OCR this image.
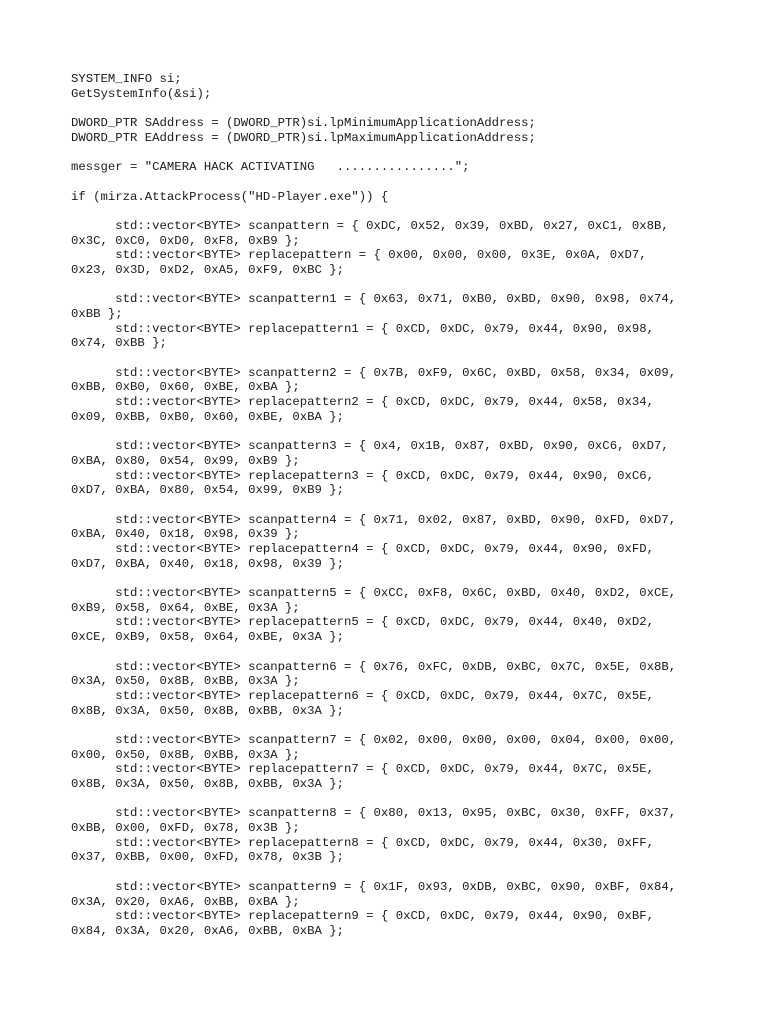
SYSTEM_INFO si;
GetSystemInfo(&si);
DWORD_PTR SAddress = (DWORD_PTR)si.lpMinimumApplicationAddress;
DWORD_PTR EAddress = (DWORD_PTR)si.lpMaximumApplicationAddress;
messger = "CAMERA HACK ACTIVATING   ................";
if (mirza.AttackProcess("HD-Player.exe")) {
std::vector<BYTE> scanpattern = { 0xDC, 0x52, 0x39, 0xBD, 0x27, 0xC1, 0x8B,
0x3C, 0xC0, 0xD0, 0xF8, 0xB9 };
std::vector<BYTE> replacepattern = { 0x00, 0x00, 0x00, 0x3E, 0x0A, 0xD7,
0x23, 0x3D, 0xD2, 0xA5, 0xF9, 0xBC };
std::vector<BYTE> scanpattern1 = { 0x63, 0x71, 0xB0, 0xBD, 0x90, 0x98, 0x74,
0xBB };
std::vector<BYTE> replacepattern1 = { 0xCD, 0xDC, 0x79, 0x44, 0x90, 0x98,
0x74, 0xBB };
std::vector<BYTE> scanpattern2 = { 0x7B, 0xF9, 0x6C, 0xBD, 0x58, 0x34, 0x09,
0xBB, 0xB0, 0x60, 0xBE, 0xBA };
std::vector<BYTE> replacepattern2 = { 0xCD, 0xDC, 0x79, 0x44, 0x58, 0x34,
0x09, 0xBB, 0xB0, 0x60, 0xBE, 0xBA };
std::vector<BYTE> scanpattern3 = { 0x4, 0x1B, 0x87, 0xBD, 0x90, 0xC6, 0xD7,
0xBA, 0x80, 0x54, 0x99, 0xB9 };
std::vector<BYTE> replacepattern3 = { 0xCD, 0xDC, 0x79, 0x44, 0x90, 0xC6,
0xD7, 0xBA, 0x80, 0x54, 0x99, 0xB9 };
std::vector<BYTE> scanpattern4 = { 0x71, 0x02, 0x87, 0xBD, 0x90, 0xFD, 0xD7,
0xBA, 0x40, 0x18, 0x98, 0x39 };
std::vector<BYTE> replacepattern4 = { 0xCD, 0xDC, 0x79, 0x44, 0x90, 0xFD,
0xD7, 0xBA, 0x40, 0x18, 0x98, 0x39 };
std::vector<BYTE> scanpattern5 = { 0xCC, 0xF8, 0x6C, 0xBD, 0x40, 0xD2, 0xCE,
0xB9, 0x58, 0x64, 0xBE, 0x3A };
std::vector<BYTE> replacepattern5 = { 0xCD, 0xDC, 0x79, 0x44, 0x40, 0xD2,
0xCE, 0xB9, 0x58, 0x64, 0xBE, 0x3A };
std::vector<BYTE> scanpattern6 = { 0x76, 0xFC, 0xDB, 0xBC, 0x7C, 0x5E, 0x8B,
0x3A, 0x50, 0x8B, 0xBB, 0x3A };
std::vector<BYTE> replacepattern6 = { 0xCD, 0xDC, 0x79, 0x44, 0x7C, 0x5E,
0x8B, 0x3A, 0x50, 0x8B, 0xBB, 0x3A };
std::vector<BYTE> scanpattern7 = { 0x02, 0x00, 0x00, 0x00, 0x04, 0x00, 0x00,
0x00, 0x50, 0x8B, 0xBB, 0x3A };
std::vector<BYTE> replacepattern7 = { 0xCD, 0xDC, 0x79, 0x44, 0x7C, 0x5E,
0x8B, 0x3A, 0x50, 0x8B, 0xBB, 0x3A };
std::vector<BYTE> scanpattern8 = { 0x80, 0x13, 0x95, 0xBC, 0x30, 0xFF, 0x37,
0xBB, 0x00, 0xFD, 0x78, 0x3B };
std::vector<BYTE> replacepattern8 = { 0xCD, 0xDC, 0x79, 0x44, 0x30, 0xFF,
0x37, 0xBB, 0x00, 0xFD, 0x78, 0x3B };
std::vector<BYTE> scanpattern9 = { 0x1F, 0x93, 0xDB, 0xBC, 0x90, 0xBF, 0x84,
0x3A, 0x20, 0xA6, 0xBB, 0xBA };
std::vector<BYTE> replacepattern9 = { 0xCD, 0xDC, 0x79, 0x44, 0x90, 0xBF,
0x84, 0x3A, 0x20, 0xA6, 0xBB, 0xBA };
